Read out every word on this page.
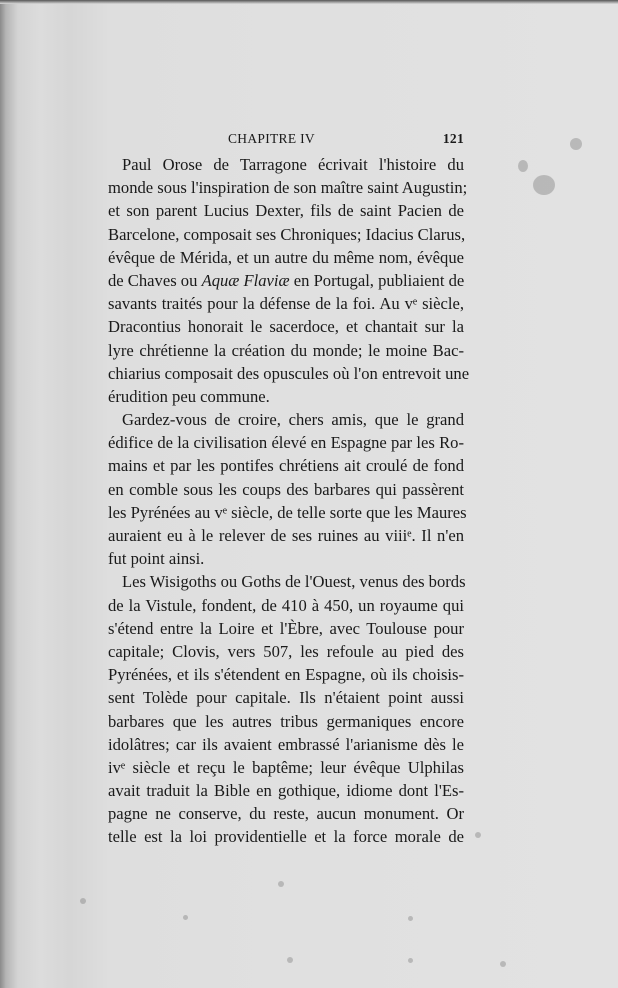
CHAPITRE IV	121
Paul Orose de Tarragone écrivait l'histoire du
monde sous l'inspiration de son maître saint Augustin;
et son parent Lucius Dexter, fils de saint Pacien de
Barcelone, composait ses Chroniques; Idacius Clarus,
évêque de Mérida, et un autre du même nom, évêque
de Chaves ou Aquæ Flaviæ en Portugal, publiaient de
savants traités pour la défense de la foi. Au vᵉ siècle,
Dracontius honorait le sacerdoce, et chantait sur la
lyre chrétienne la création du monde; le moine Bac-
chiarius composait des opuscules où l'on entrevoit une
érudition peu commune.
Gardez-vous de croire, chers amis, que le grand
édifice de la civilisation élevé en Espagne par les Ro-
mains et par les pontifes chrétiens ait croulé de fond
en comble sous les coups des barbares qui passèrent
les Pyrénées au vᵉ siècle, de telle sorte que les Maures
auraient eu à le relever de ses ruines au viiiᵉ. Il n'en
fut point ainsi.
Les Wisigoths ou Goths de l'Ouest, venus des bords
de la Vistule, fondent, de 410 à 450, un royaume qui
s'étend entre la Loire et l'Èbre, avec Toulouse pour
capitale; Clovis, vers 507, les refoule au pied des
Pyrénées, et ils s'étendent en Espagne, où ils choisis-
sent Tolède pour capitale. Ils n'étaient point aussi
barbares que les autres tribus germaniques encore
idolâtres; car ils avaient embrassé l'arianisme dès le
ivᵉ siècle et reçu le baptême; leur évêque Ulphilas
avait traduit la Bible en gothique, idiome dont l'Es-
pagne ne conserve, du reste, aucun monument. Or
telle est la loi providentielle et la force morale de
